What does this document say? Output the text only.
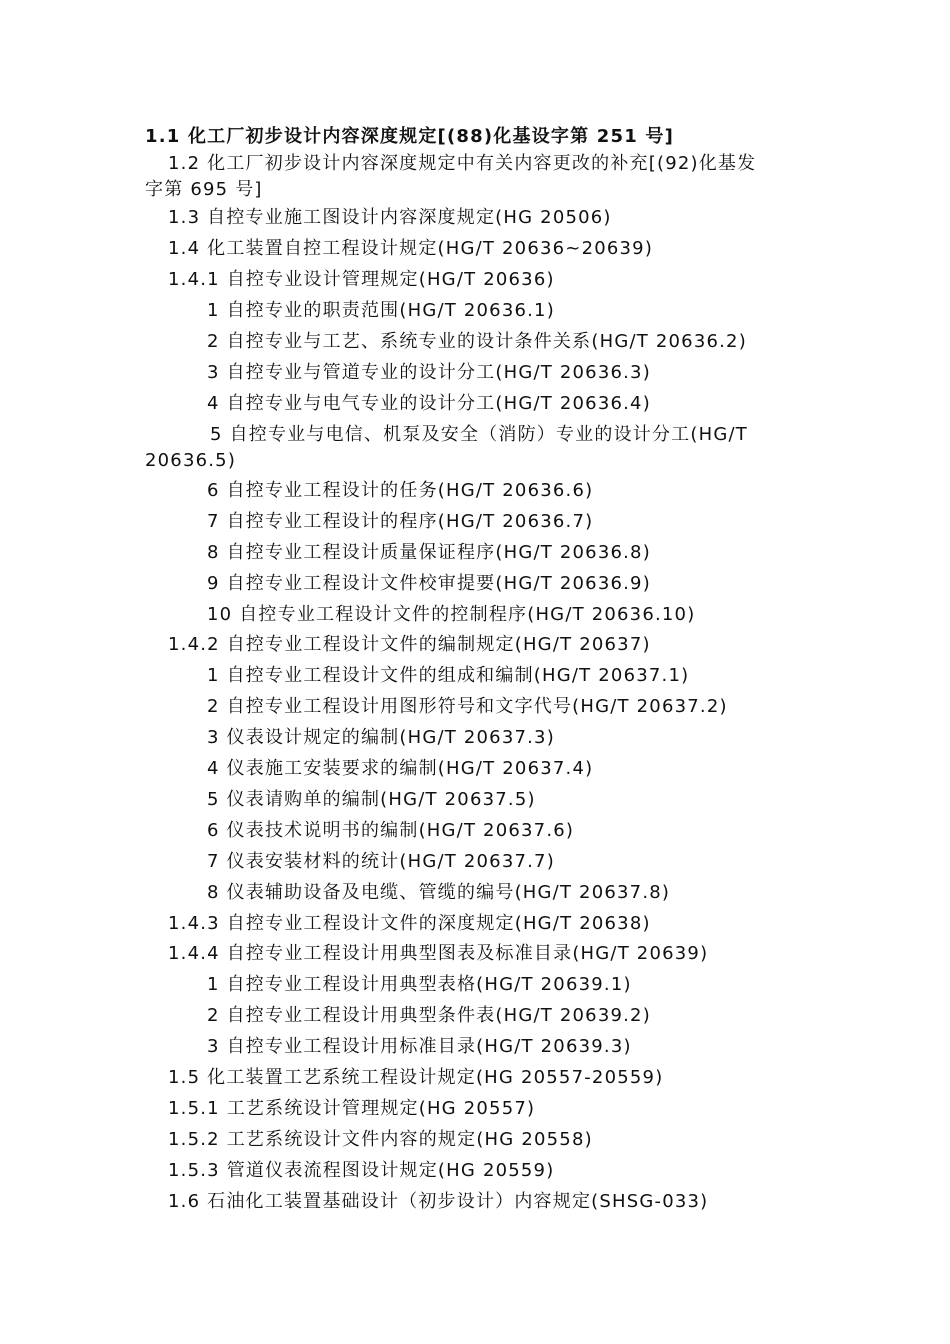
1.1 化工厂初步设计内容深度规定[(88)化基设字第 251 号]
1.2 化工厂初步设计内容深度规定中有关内容更改的补充[(92)化基发
字第 695 号]
1.3 自控专业施工图设计内容深度规定(HG 20506)
1.4 化工装置自控工程设计规定(HG/T 20636~20639)
1.4.1 自控专业设计管理规定(HG/T 20636)
1 自控专业的职责范围(HG/T 20636.1)
2 自控专业与工艺、系统专业的设计条件关系(HG/T 20636.2)
3 自控专业与管道专业的设计分工(HG/T 20636.3)
4 自控专业与电气专业的设计分工(HG/T 20636.4)
5 自控专业与电信、机泵及安全（消防）专业的设计分工(HG/T
20636.5)
6 自控专业工程设计的任务(HG/T 20636.6)
7 自控专业工程设计的程序(HG/T 20636.7)
8 自控专业工程设计质量保证程序(HG/T 20636.8)
9 自控专业工程设计文件校审提要(HG/T 20636.9)
10 自控专业工程设计文件的控制程序(HG/T 20636.10)
1.4.2 自控专业工程设计文件的编制规定(HG/T 20637)
1 自控专业工程设计文件的组成和编制(HG/T 20637.1)
2 自控专业工程设计用图形符号和文字代号(HG/T 20637.2)
3 仪表设计规定的编制(HG/T 20637.3)
4 仪表施工安装要求的编制(HG/T 20637.4)
5 仪表请购单的编制(HG/T 20637.5)
6 仪表技术说明书的编制(HG/T 20637.6)
7 仪表安装材料的统计(HG/T 20637.7)
8 仪表辅助设备及电缆、管缆的编号(HG/T 20637.8)
1.4.3 自控专业工程设计文件的深度规定(HG/T 20638)
1.4.4 自控专业工程设计用典型图表及标准目录(HG/T 20639)
1 自控专业工程设计用典型表格(HG/T 20639.1)
2 自控专业工程设计用典型条件表(HG/T 20639.2)
3 自控专业工程设计用标准目录(HG/T 20639.3)
1.5 化工装置工艺系统工程设计规定(HG 20557-20559)
1.5.1 工艺系统设计管理规定(HG 20557)
1.5.2 工艺系统设计文件内容的规定(HG 20558)
1.5.3 管道仪表流程图设计规定(HG 20559)
1.6 石油化工装置基础设计（初步设计）内容规定(SHSG-033)
